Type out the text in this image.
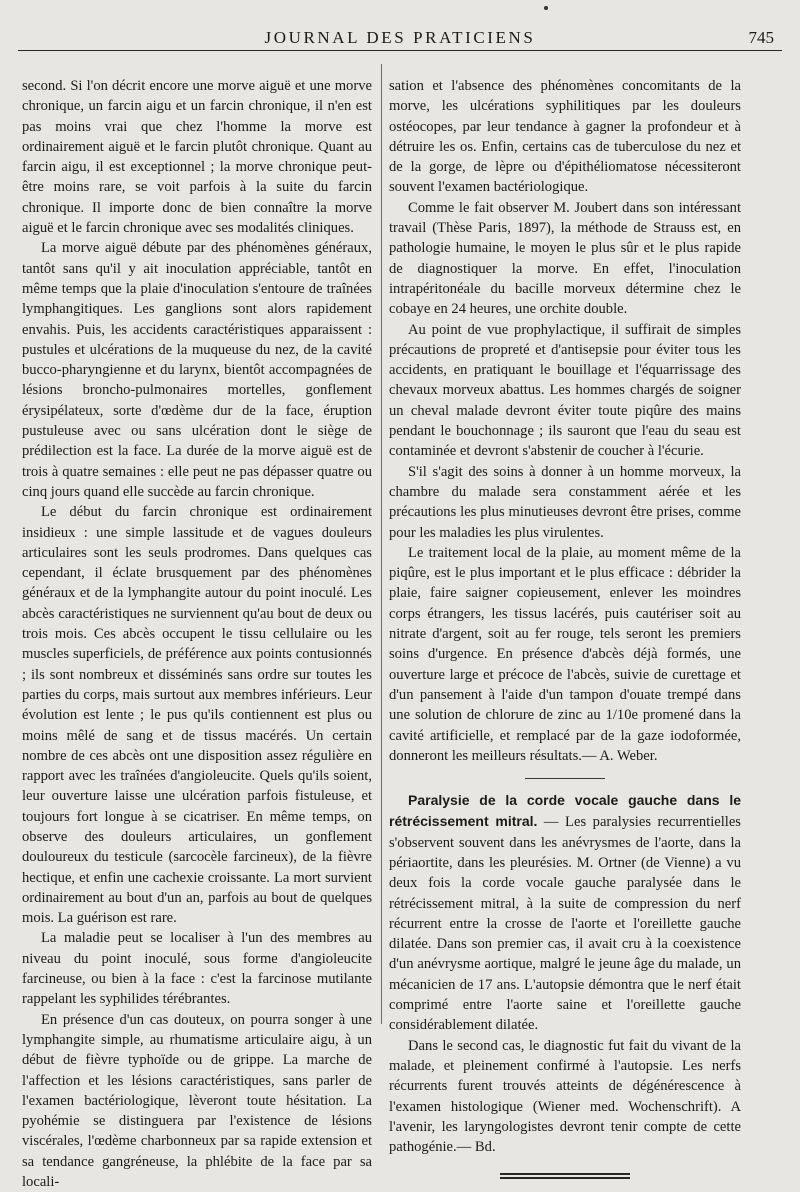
JOURNAL DES PRATICIENS	745

second. Si l'on décrit encore une morve aiguë et une morve chronique, un farcin aigu et un farcin chronique, il n'en est pas moins vrai que chez l'homme la morve est ordinairement aiguë et le farcin plutôt chronique. Quant au farcin aigu, il est exceptionnel ; la morve chronique peut-être moins rare, se voit parfois à la suite du farcin chronique. Il importe donc de bien connaître la morve aiguë et le farcin chronique avec ses modalités cliniques.

La morve aiguë débute par des phénomènes généraux, tantôt sans qu'il y ait inoculation appréciable, tantôt en même temps que la plaie d'inoculation s'entoure de traînées lymphangitiques. Les ganglions sont alors rapidement envahis. Puis, les accidents caractéristiques apparaissent : pustules et ulcérations de la muqueuse du nez, de la cavité bucco-pharyngienne et du larynx, bientôt accompagnées de lésions broncho-pulmonaires mortelles, gonflement érysipélateux, sorte d'œdème dur de la face, éruption pustuleuse avec ou sans ulcération dont le siège de prédilection est la face. La durée de la morve aiguë est de trois à quatre semaines : elle peut ne pas dépasser quatre ou cinq jours quand elle succède au farcin chronique.

Le début du farcin chronique est ordinairement insidieux : une simple lassitude et de vagues douleurs articulaires sont les seuls prodromes. Dans quelques cas cependant, il éclate brusquement par des phénomènes généraux et de la lymphangite autour du point inoculé. Les abcès caractéristiques ne surviennent qu'au bout de deux ou trois mois. Ces abcès occupent le tissu cellulaire ou les muscles superficiels, de préférence aux points contusionnés ; ils sont nombreux et disséminés sans ordre sur toutes les parties du corps, mais surtout aux membres inférieurs. Leur évolution est lente ; le pus qu'ils contiennent est plus ou moins mêlé de sang et de tissus macérés. Un certain nombre de ces abcès ont une disposition assez régulière en rapport avec les traînées d'angioleucite. Quels qu'ils soient, leur ouverture laisse une ulcération parfois fistuleuse, et toujours fort longue à se cicatriser. En même temps, on observe des douleurs articulaires, un gonflement douloureux du testicule (sarcocèle farcineux), de la fièvre hectique, et enfin une cachexie croissante. La mort survient ordinairement au bout d'un an, parfois au bout de quelques mois. La guérison est rare.

La maladie peut se localiser à l'un des membres au niveau du point inoculé, sous forme d'angioleucite farcineuse, ou bien à la face : c'est la farcinose mutilante rappelant les syphilides térébrantes.

En présence d'un cas douteux, on pourra songer à une lymphangite simple, au rhumatisme articulaire aigu, à un début de fièvre typhoïde ou de grippe. La marche de l'affection et les lésions caractéristiques, sans parler de l'examen bactériologique, lèveront toute hésitation. La pyohémie se distinguera par l'existence de lésions viscérales, l'œdème charbonneux par sa rapide extension et sa tendance gangréneuse, la phlébite de la face par sa locali-

sation et l'absence des phénomènes concomitants de la morve, les ulcérations syphilitiques par les douleurs ostéocopes, par leur tendance à gagner la profondeur et à détruire les os. Enfin, certains cas de tuberculose du nez et de la gorge, de lèpre ou d'épithéliomatose nécessiteront souvent l'examen bactériologique.

Comme le fait observer M. Joubert dans son intéressant travail (Thèse Paris, 1897), la méthode de Strauss est, en pathologie humaine, le moyen le plus sûr et le plus rapide de diagnostiquer la morve. En effet, l'inoculation intrapéritonéale du bacille morveux détermine chez le cobaye en 24 heures, une orchite double.

Au point de vue prophylactique, il suffirait de simples précautions de propreté et d'antisepsie pour éviter tous les accidents, en pratiquant le bouillage et l'équarrissage des chevaux morveux abattus. Les hommes chargés de soigner un cheval malade devront éviter toute piqûre des mains pendant le bouchonnage ; ils sauront que l'eau du seau est contaminée et devront s'abstenir de coucher à l'écurie.

S'il s'agit des soins à donner à un homme morveux, la chambre du malade sera constamment aérée et les précautions les plus minutieuses devront être prises, comme pour les maladies les plus virulentes.

Le traitement local de la plaie, au moment même de la piqûre, est le plus important et le plus efficace : débrider la plaie, faire saigner copieusement, enlever les moindres corps étrangers, les tissus lacérés, puis cautériser soit au nitrate d'argent, soit au fer rouge, tels seront les premiers soins d'urgence. En présence d'abcès déjà formés, une ouverture large et précoce de l'abcès, suivie de curettage et d'un pansement à l'aide d'un tampon d'ouate trempé dans une solution de chlorure de zinc au 1/10e promené dans la cavité artificielle, et remplacé par de la gaze iodoformée, donneront les meilleurs résultats.— A. Weber.

Paralysie de la corde vocale gauche dans le rétrécissement mitral. — Les paralysies recurrentielles s'observent souvent dans les anévrysmes de l'aorte, dans la périaortite, dans les pleurésies. M. Ortner (de Vienne) a vu deux fois la corde vocale gauche paralysée dans le rétrécissement mitral, à la suite de compression du nerf récurrent entre la crosse de l'aorte et l'oreillette gauche dilatée. Dans son premier cas, il avait cru à la coexistence d'un anévrysme aortique, malgré le jeune âge du malade, un mécanicien de 17 ans. L'autopsie démontra que le nerf était comprimé entre l'aorte saine et l'oreillette gauche considérablement dilatée.

Dans le second cas, le diagnostic fut fait du vivant de la malade, et pleinement confirmé à l'autopsie. Les nerfs récurrents furent trouvés atteints de dégénérescence à l'examen histologique (Wiener med. Wochenschrift). A l'avenir, les laryngologistes devront tenir compte de cette pathogénie.— Bd.
